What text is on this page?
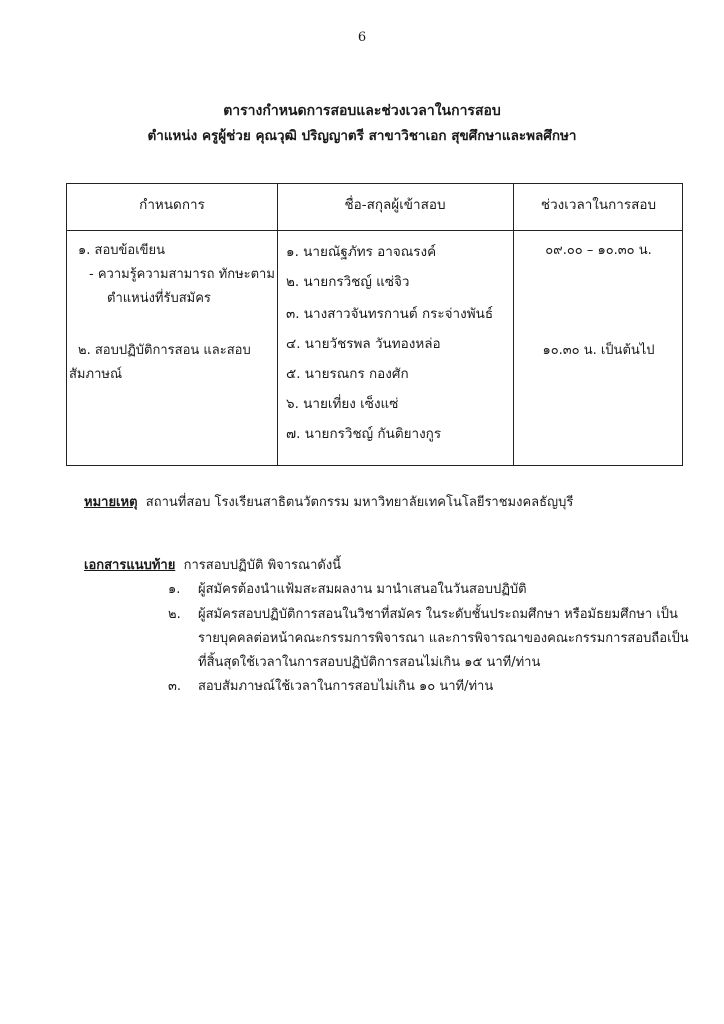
6
ตารางกำหนดการสอบและช่วงเวลาในการสอบ
ตำแหน่ง ครูผู้ช่วย คุณวุฒิ ปริญญาตรี สาขาวิชาเอก สุขศึกษาและพลศึกษา
กำหนดการ	ชื่อ-สกุลผู้เข้าสอบ	ช่วงเวลาในการสอบ
๑. สอบข้อเขียน
- ความรู้ความสามารถ ทักษะตาม
ตำแหน่งที่รับสมัคร
๒. สอบปฏิบัติการสอน และสอบ
สัมภาษณ์
๑. นายณัฐภัทร อาจณรงค์
๒. นายกรวิชญ์ แซ่จิว
๓. นางสาวจันทรกานต์ กระจ่างพันธ์
๔. นายวัชรพล วันทองหล่อ
๕. นายรณกร กองศัก
๖. นายเที่ยง เซ็งแซ่
๗. นายกรวิชญ์ กันติยางกูร
๐๙.๐๐ – ๑๐.๓๐ น.
๑๐.๓๐ น. เป็นต้นไป
หมายเหตุ สถานที่สอบ โรงเรียนสาธิตนวัตกรรม มหาวิทยาลัยเทคโนโลยีราชมงคลธัญบุรี
เอกสารแนบท้าย การสอบปฏิบัติ พิจารณาดังนี้
๑. ผู้สมัครต้องนำแฟ้มสะสมผลงาน มานำเสนอในวันสอบปฏิบัติ
๒. ผู้สมัครสอบปฏิบัติการสอนในวิชาที่สมัคร ในระดับชั้นประถมศึกษา หรือมัธยมศึกษา เป็น
รายบุคคลต่อหน้าคณะกรรมการพิจารณา และการพิจารณาของคณะกรรมการสอบถือเป็น
ที่สิ้นสุดใช้เวลาในการสอบปฏิบัติการสอนไม่เกิน ๑๕ นาที/ท่าน
๓. สอบสัมภาษณ์ใช้เวลาในการสอบไม่เกิน ๑๐ นาที/ท่าน
